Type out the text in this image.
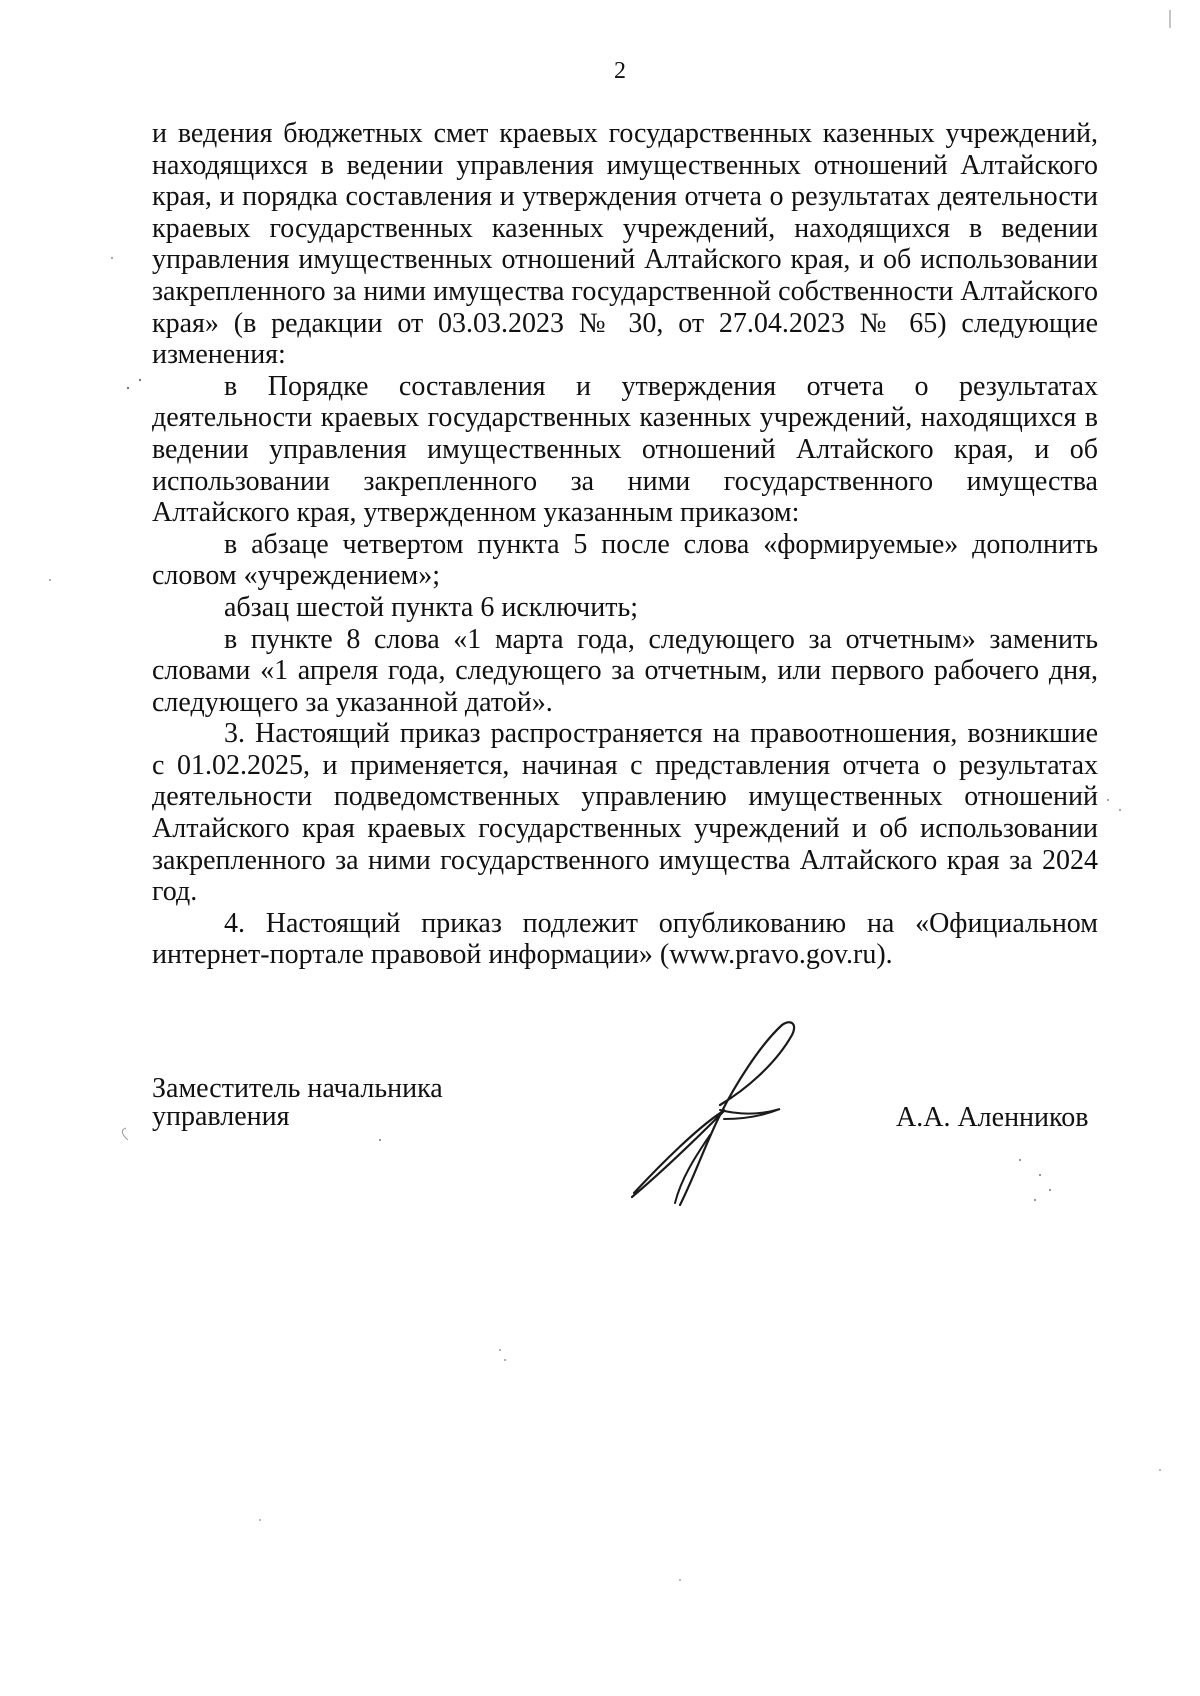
2

и ведения бюджетных смет краевых государственных казенных учреждений, находящихся в ведении управления имущественных отношений Алтайского края, и порядка составления и утверждения отчета о результатах деятельности краевых государственных казенных учреждений, находящихся в ведении управления имущественных отношений Алтайского края, и об использовании закрепленного за ними имущества государственной собственности Алтайского края» (в редакции от 03.03.2023 № 30, от 27.04.2023 № 65) следующие изменения:

в Порядке составления и утверждения отчета о результатах деятельности краевых государственных казенных учреждений, находящихся в ведении управления имущественных отношений Алтайского края, и об использовании закрепленного за ними государственного имущества Алтайского края, утвержденном указанным приказом:

в абзаце четвертом пункта 5 после слова «формируемые» дополнить словом «учреждением»;

абзац шестой пункта 6 исключить;

в пункте 8 слова «1 марта года, следующего за отчетным» заменить словами «1 апреля года, следующего за отчетным, или первого рабочего дня, следующего за указанной датой».

3. Настоящий приказ распространяется на правоотношения, возникшие с 01.02.2025, и применяется, начиная с представления отчета о результатах деятельности подведомственных управлению имущественных отношений Алтайского края краевых государственных учреждений и об использовании закрепленного за ними государственного имущества Алтайского края за 2024 год.

4. Настоящий приказ подлежит опубликованию на «Официальном интернет-портале правовой информации» (www.pravo.gov.ru).

Заместитель начальника
управления	А.А. Аленников
